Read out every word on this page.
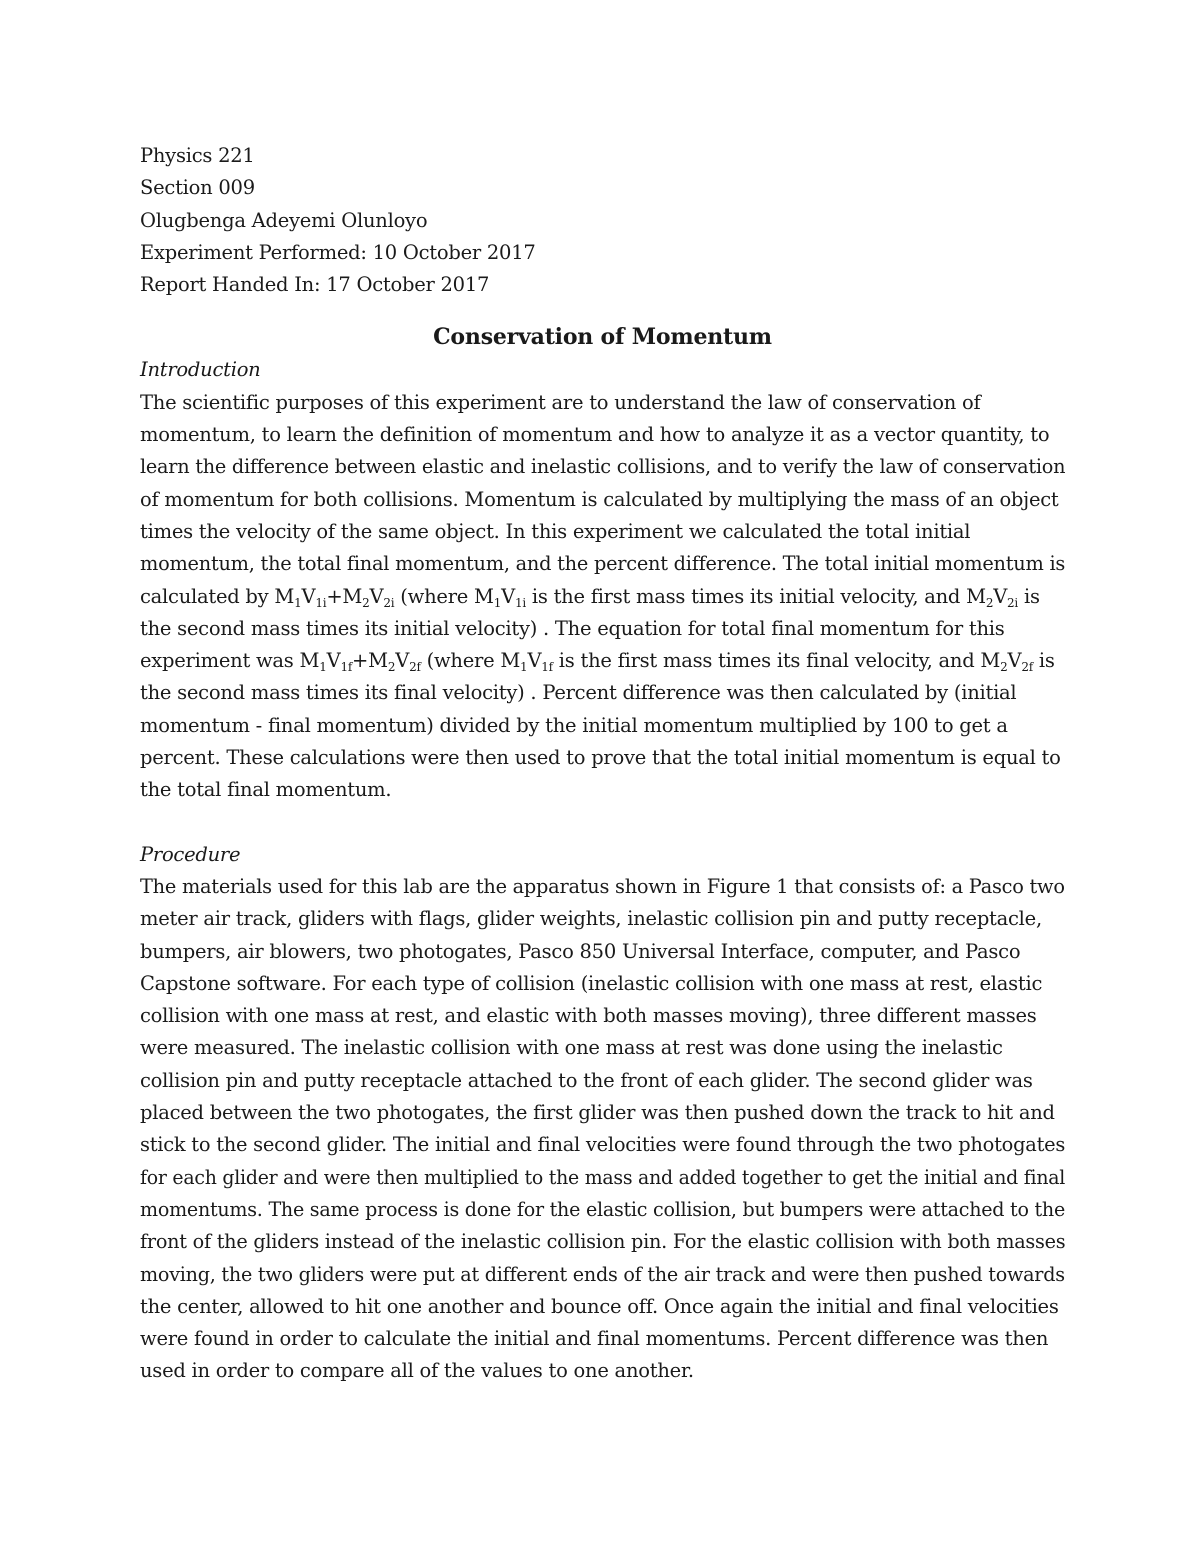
Physics 221
Section 009
Olugbenga Adeyemi Olunloyo
Experiment Performed: 10 October 2017
Report Handed In: 17 October 2017
Conservation of Momentum
Introduction
The scientific purposes of this experiment are to understand the law of conservation of
momentum, to learn the definition of momentum and how to analyze it as a vector quantity, to
learn the difference between elastic and inelastic collisions, and to verify the law of conservation
of momentum for both collisions. Momentum is calculated by multiplying the mass of an object
times the velocity of the same object. In this experiment we calculated the total initial
momentum, the total final momentum, and the percent difference. The total initial momentum is
calculated by $M_1V_{1i}+M_2V_{2i}$ (where $M_1V_{1i}$ is the first mass times its initial velocity, and $M_2V_{2i}$ is
the second mass times its initial velocity) . The equation for total final momentum for this
experiment was $M_1V_{1f}+M_2V_{2f}$ (where $M_1V_{1f}$ is the first mass times its final velocity, and $M_2V_{2f}$ is
the second mass times its final velocity) . Percent difference was then calculated by (initial
momentum - final momentum) divided by the initial momentum multiplied by 100 to get a
percent. These calculations were then used to prove that the total initial momentum is equal to
the total final momentum.
Procedure
The materials used for this lab are the apparatus shown in Figure 1 that consists of: a Pasco two
meter air track, gliders with flags, glider weights, inelastic collision pin and putty receptacle,
bumpers, air blowers, two photogates, Pasco 850 Universal Interface, computer, and Pasco
Capstone software. For each type of collision (inelastic collision with one mass at rest, elastic
collision with one mass at rest, and elastic with both masses moving), three different masses
were measured. The inelastic collision with one mass at rest was done using the inelastic
collision pin and putty receptacle attached to the front of each glider. The second glider was
placed between the two photogates, the first glider was then pushed down the track to hit and
stick to the second glider. The initial and final velocities were found through the two photogates
for each glider and were then multiplied to the mass and added together to get the initial and final
momentums. The same process is done for the elastic collision, but bumpers were attached to the
front of the gliders instead of the inelastic collision pin. For the elastic collision with both masses
moving, the two gliders were put at different ends of the air track and were then pushed towards
the center, allowed to hit one another and bounce off. Once again the initial and final velocities
were found in order to calculate the initial and final momentums. Percent difference was then
used in order to compare all of the values to one another.
